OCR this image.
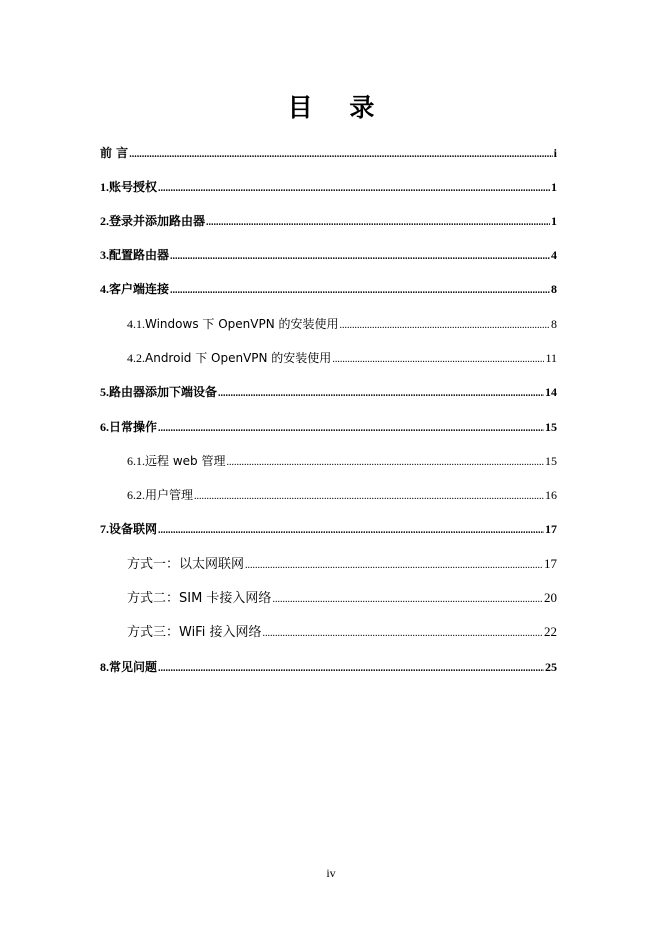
目 录
前 言 .....	i
1. 账号授权 .....	1
2. 登录并添加路由器 .....	1
3. 配置路由器 .....	4
4. 客户端连接 .....	8
4.1. Windows 下 OpenVPN 的安装使用 .....	8
4.2. Android 下 OpenVPN 的安装使用 .....	11
5. 路由器添加下端设备 .....	14
6. 日常操作 .....	15
6.1. 远程 web 管理 .....	15
6.2. 用户管理 .....	16
7. 设备联网 .....	17
方式一：以太网联网 .....	17
方式二：SIM 卡接入网络 .....	20
方式三：WiFi 接入网络 .....	22
8. 常见问题 .....	25
iv
